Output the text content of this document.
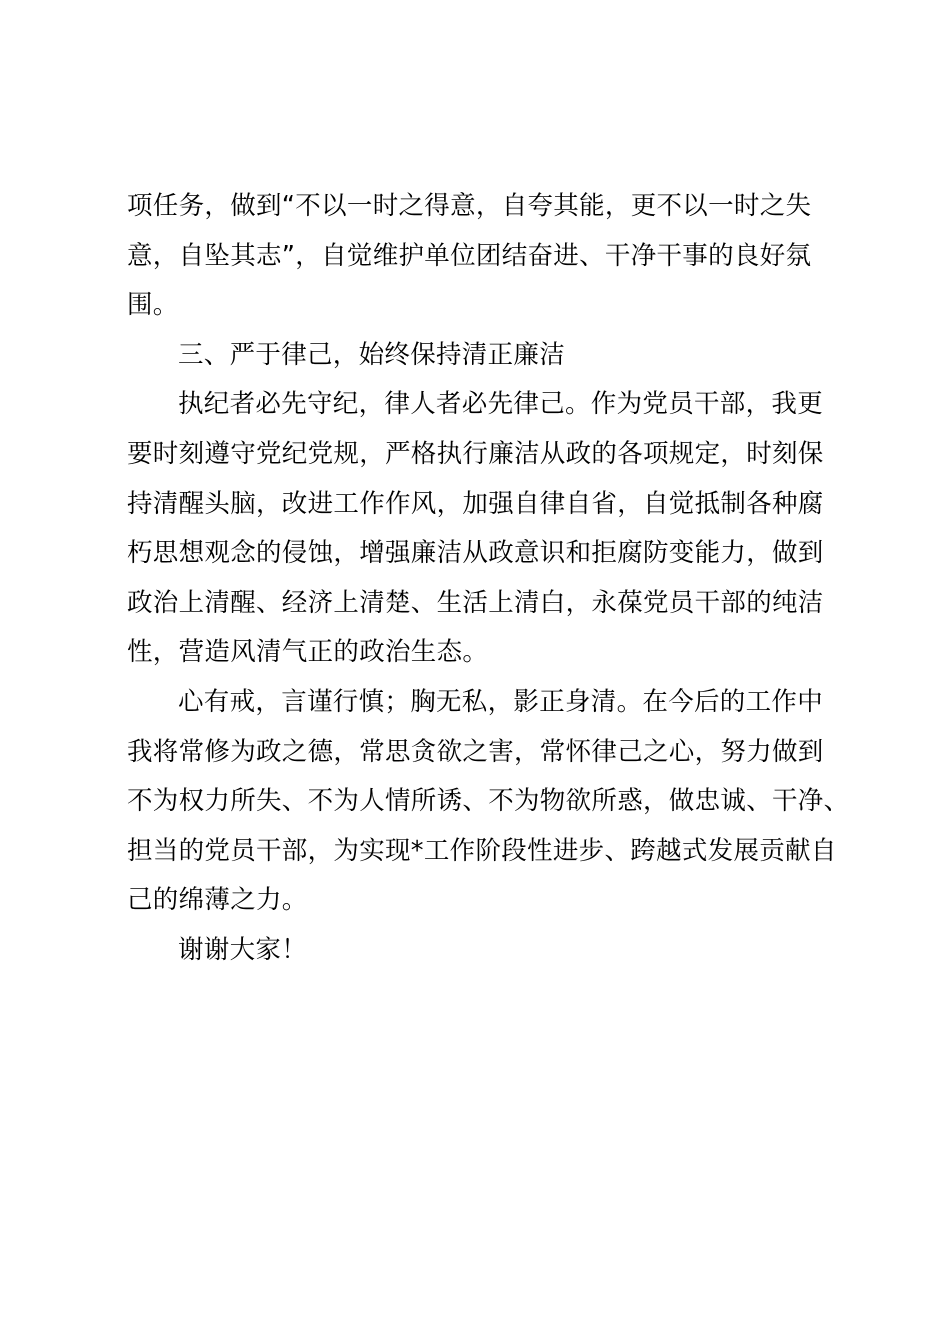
项任务，做到“不以一时之得意，自夸其能，更不以一时之失
意，自坠其志”，自觉维护单位团结奋进、干净干事的良好氛
围。
三、严于律己，始终保持清正廉洁
执纪者必先守纪，律人者必先律己。作为党员干部，我更
要时刻遵守党纪党规，严格执行廉洁从政的各项规定，时刻保
持清醒头脑，改进工作作风，加强自律自省，自觉抵制各种腐
朽思想观念的侵蚀，增强廉洁从政意识和拒腐防变能力，做到
政治上清醒、经济上清楚、生活上清白，永葆党员干部的纯洁
性，营造风清气正的政治生态。
心有戒，言谨行慎；胸无私，影正身清。在今后的工作中
我将常修为政之德，常思贪欲之害，常怀律己之心，努力做到
不为权力所失、不为人情所诱、不为物欲所惑，做忠诚、干净、
担当的党员干部，为实现*工作阶段性进步、跨越式发展贡献自
己的绵薄之力。
谢谢大家！
